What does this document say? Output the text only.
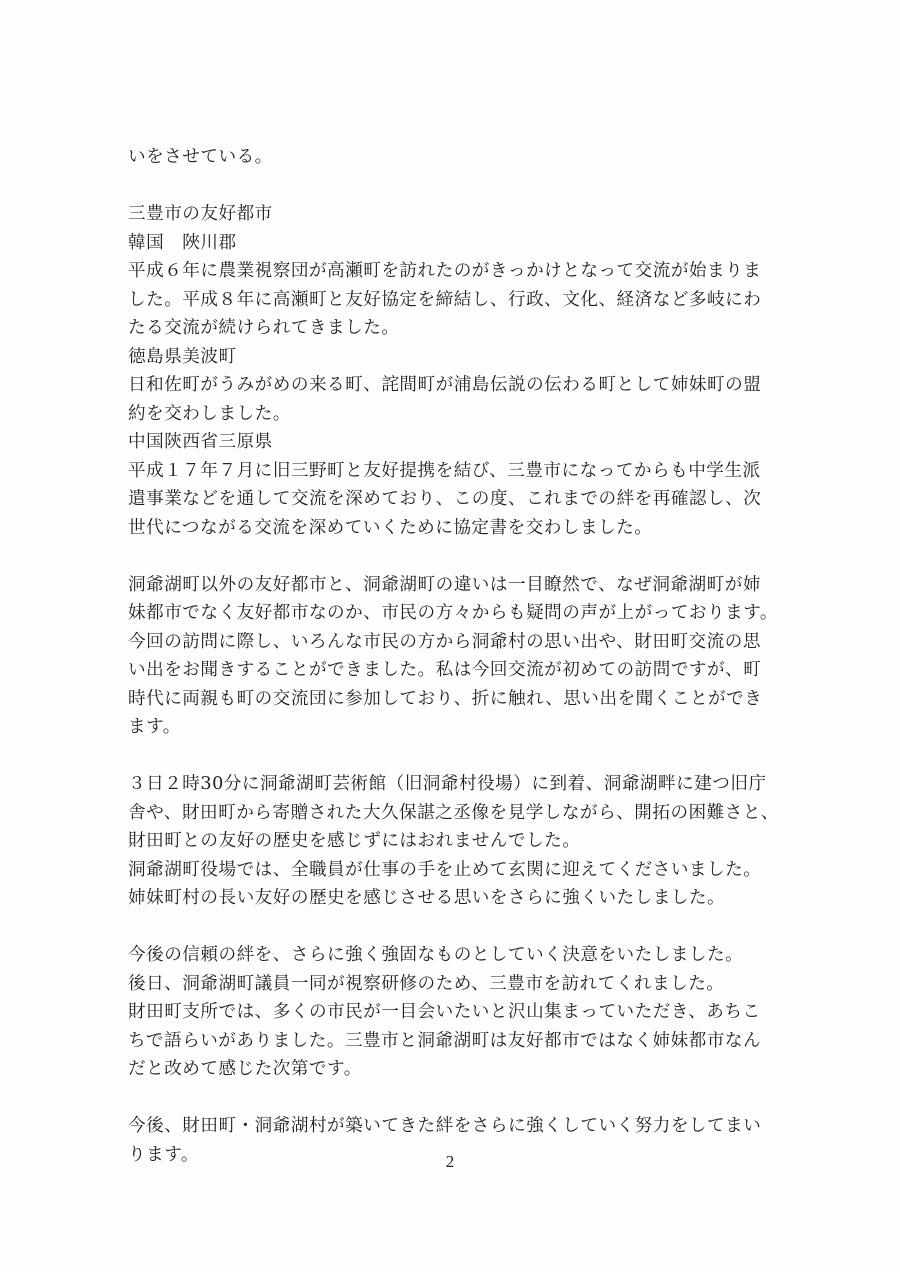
いをさせている。
三豊市の友好都市
韓国　陜川郡
平成６年に農業視察団が高瀬町を訪れたのがきっかけとなって交流が始まりま
した。平成８年に高瀬町と友好協定を締結し、行政、文化、経済など多岐にわ
たる交流が続けられてきました。
徳島県美波町
日和佐町がうみがめの来る町、詫間町が浦島伝説の伝わる町として姉妹町の盟
約を交わしました。
中国陝西省三原県
平成１７年７月に旧三野町と友好提携を結び、三豊市になってからも中学生派
遣事業などを通して交流を深めており、この度、これまでの絆を再確認し、次
世代につながる交流を深めていくために協定書を交わしました。
洞爺湖町以外の友好都市と、洞爺湖町の違いは一目瞭然で、なぜ洞爺湖町が姉
妹都市でなく友好都市なのか、市民の方々からも疑問の声が上がっております。
今回の訪問に際し、いろんな市民の方から洞爺村の思い出や、財田町交流の思
い出をお聞きすることができました。私は今回交流が初めての訪問ですが、町
時代に両親も町の交流団に参加しており、折に触れ、思い出を聞くことができ
ます。
３日２時30分に洞爺湖町芸術館（旧洞爺村役場）に到着、洞爺湖畔に建つ旧庁
舎や、財田町から寄贈された大久保諶之丞像を見学しながら、開拓の困難さと、
財田町との友好の歴史を感じずにはおれませんでした。
洞爺湖町役場では、全職員が仕事の手を止めて玄関に迎えてくださいました。
姉妹町村の長い友好の歴史を感じさせる思いをさらに強くいたしました。
今後の信頼の絆を、さらに強く強固なものとしていく決意をいたしました。
後日、洞爺湖町議員一同が視察研修のため、三豊市を訪れてくれました。
財田町支所では、多くの市民が一目会いたいと沢山集まっていただき、あちこ
ちで語らいがありました。三豊市と洞爺湖町は友好都市ではなく姉妹都市なん
だと改めて感じた次第です。
今後、財田町・洞爺湖村が築いてきた絆をさらに強くしていく努力をしてまい
ります。	2
